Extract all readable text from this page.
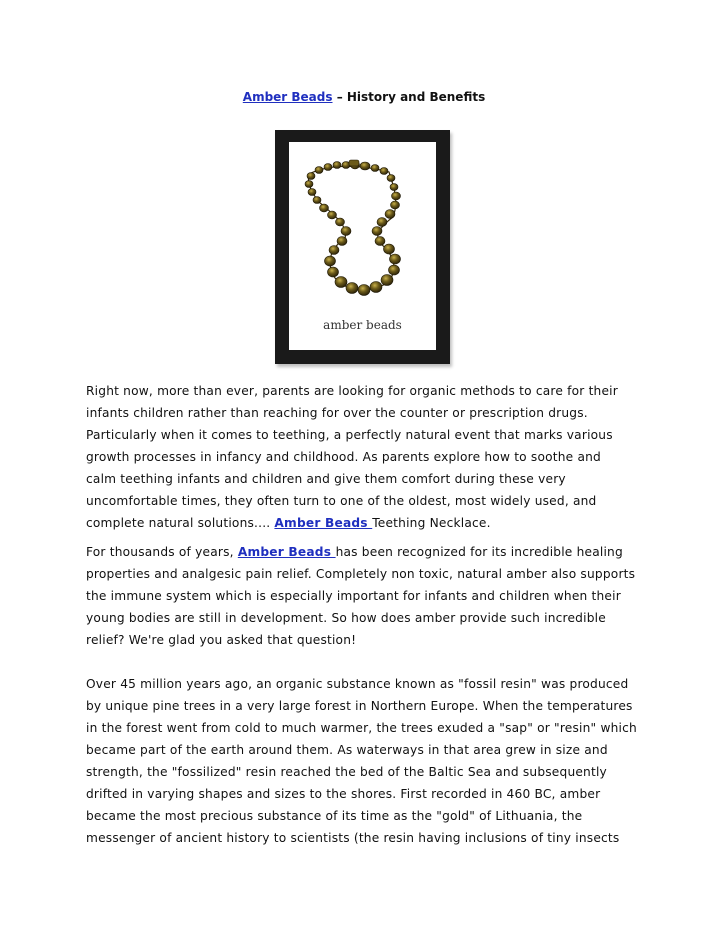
Amber Beads – History and Benefits
amber beads
Right now, more than ever, parents are looking for organic methods to care for their
infants children rather than reaching for over the counter or prescription drugs.
Particularly when it comes to teething, a perfectly natural event that marks various
growth processes in infancy and childhood. As parents explore how to soothe and
calm teething infants and children and give them comfort during these very
uncomfortable times, they often turn to one of the oldest, most widely used, and
complete natural solutions.... Amber Beads Teething Necklace.
For thousands of years, Amber Beads has been recognized for its incredible healing
properties and analgesic pain relief. Completely non toxic, natural amber also supports
the immune system which is especially important for infants and children when their
young bodies are still in development. So how does amber provide such incredible
relief? We're glad you asked that question!
Over 45 million years ago, an organic substance known as "fossil resin" was produced
by unique pine trees in a very large forest in Northern Europe. When the temperatures
in the forest went from cold to much warmer, the trees exuded a "sap" or "resin" which
became part of the earth around them. As waterways in that area grew in size and
strength, the "fossilized" resin reached the bed of the Baltic Sea and subsequently
drifted in varying shapes and sizes to the shores. First recorded in 460 BC, amber
became the most precious substance of its time as the "gold" of Lithuania, the
messenger of ancient history to scientists (the resin having inclusions of tiny insects
